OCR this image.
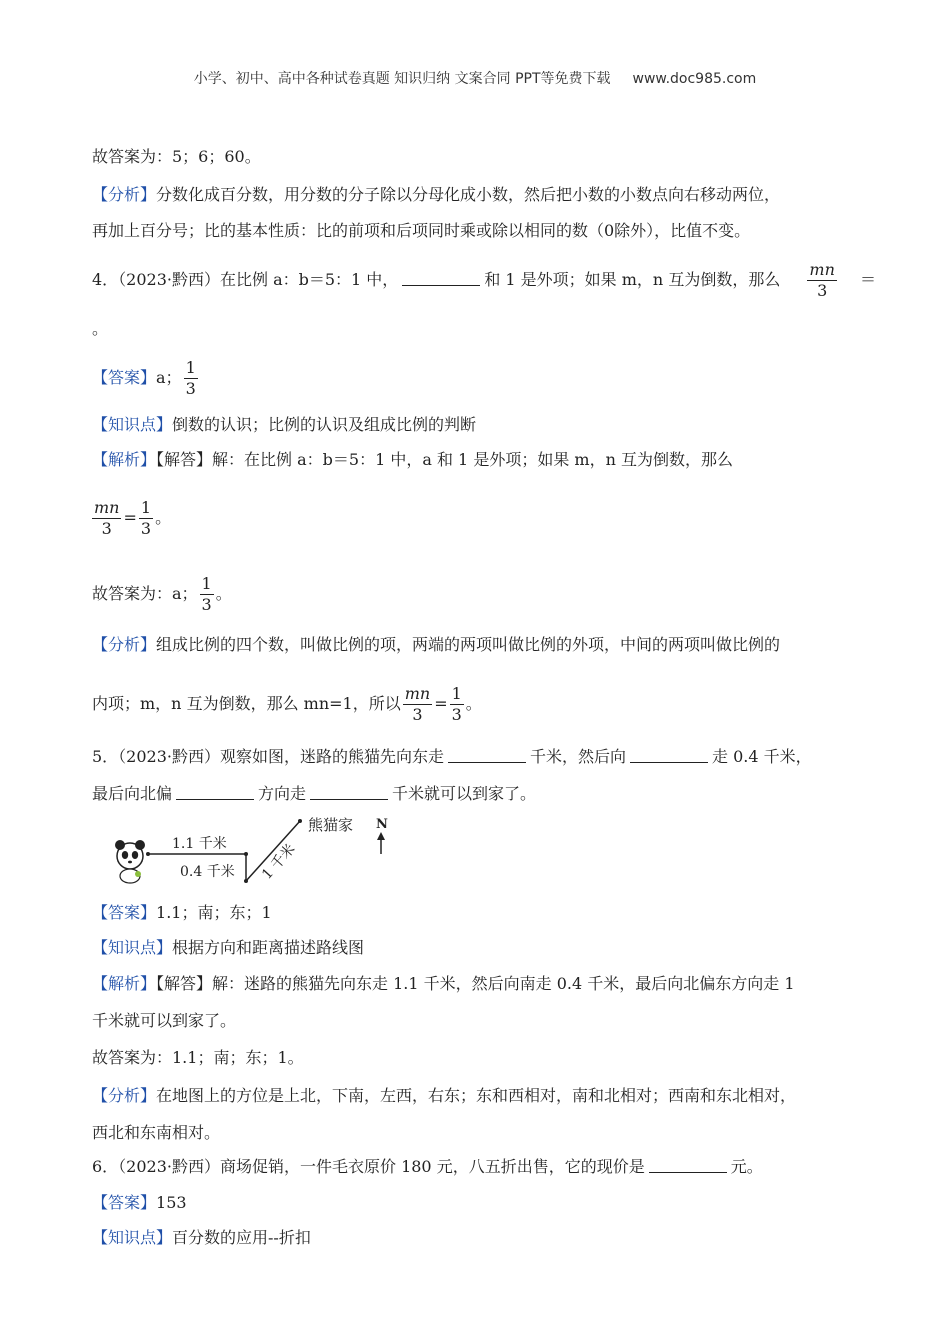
小学、初中、高中各种试卷真题 知识归纳 文案合同 PPT等免费下载 www.doc985.com
故答案为：5；6；60。
【分析】分数化成百分数，用分数的分子除以分母化成小数，然后把小数的小数点向右移动两位，
再加上百分号；比的基本性质：比的前项和后项同时乘或除以相同的数（0除外），比值不变。
4．（2023·黔西）在比例 a：b＝5：1 中，	和 1 是外项；如果 m，n 互为倒数，那么 $\frac{mn}{3}$ ＝
。
【答案】a； $\frac{1}{3}$
【知识点】倒数的认识；比例的认识及组成比例的判断
【解析】【解答】解：在比例 a：b＝5：1 中，a 和 1 是外项；如果 m，n 互为倒数，那么
$\frac{mn}{3} = \frac{1}{3}$ 。
故答案为：a； $\frac{1}{3}$ 。
【分析】组成比例的四个数，叫做比例的项，两端的两项叫做比例的外项，中间的两项叫做比例的
内项；m，n 互为倒数，那么 mn=1，所以 $\frac{mn}{3} = \frac{1}{3}$ 。
5．（2023·黔西）观察如图，迷路的熊猫先向东走	千米，然后向	走 0.4 千米，
最后向北偏	方向走	千米就可以到家了。
1.1 千米
0.4 千米 1 千米
熊猫家 N
【答案】1.1；南；东；1
【知识点】根据方向和距离描述路线图
【解析】【解答】解：迷路的熊猫先向东走 1.1 千米，然后向南走 0.4 千米，最后向北偏东方向走 1
千米就可以到家了。
故答案为：1.1；南；东；1。
【分析】在地图上的方位是上北，下南，左西，右东；东和西相对，南和北相对；西南和东北相对，
西北和东南相对。
6．（2023·黔西）商场促销，一件毛衣原价 180 元，八五折出售，它的现价是	元。
【答案】153
【知识点】百分数的应用--折扣
